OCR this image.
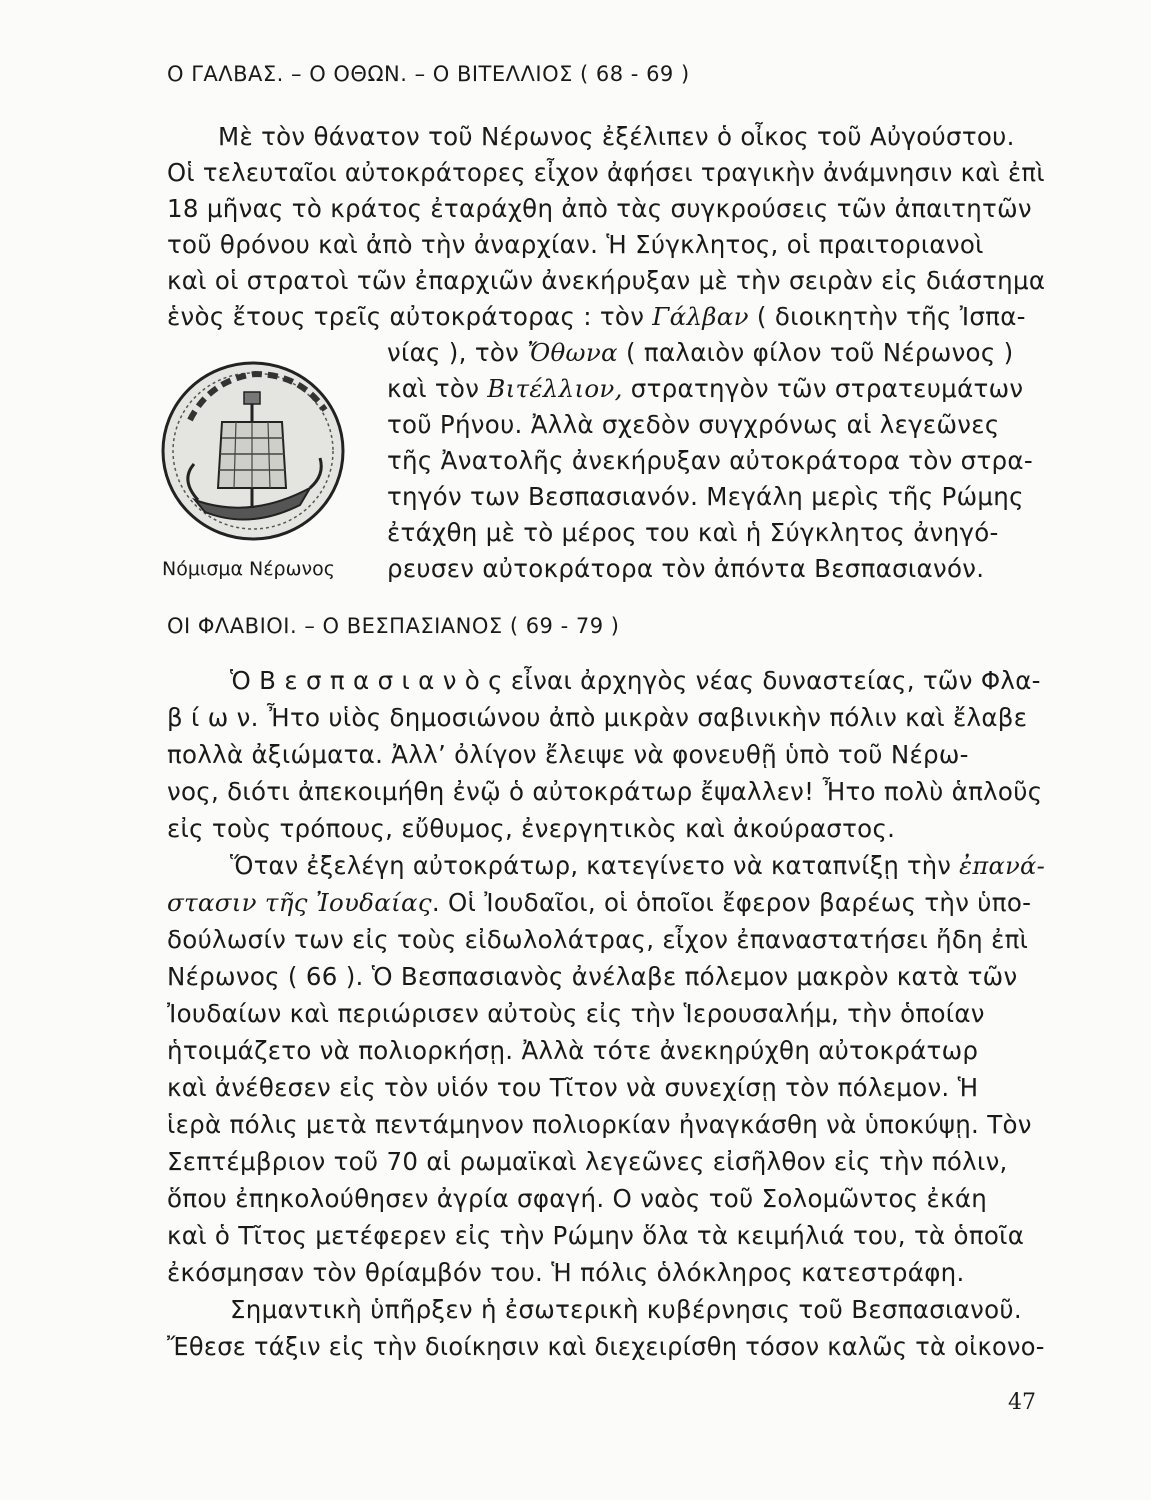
Ο ΓΑΛΒΑΣ. – Ο ΟΘΩΝ. – Ο ΒΙΤΕΛΛΙΟΣ ( 68 - 69 )
Μὲ τὸν θάνατον τοῦ Νέρωνος ἐξέλιπεν ὁ οἶκος τοῦ Αὐγούστου.
Οἱ τελευταῖοι αὐτοκράτορες εἶχον ἀφήσει τραγικὴν ἀνάμνησιν καὶ ἐπὶ
18 μῆνας τὸ κράτος ἐταράχθη ἀπὸ τὰς συγκρούσεις τῶν ἀπαιτητῶν
τοῦ θρόνου καὶ ἀπὸ τὴν ἀναρχίαν. Ἡ Σύγκλητος, οἱ πραιτοριανοὶ
καὶ οἱ στρατοὶ τῶν ἐπαρχιῶν ἀνεκήρυξαν μὲ τὴν σειρὰν εἰς διάστημα
ἑνὸς ἔτους τρεῖς αὐτοκράτορας : τὸν Γάλβαν ( διοικητὴν τῆς Ἰσπα-
νίας ), τὸν Ὄθωνα ( παλαιὸν φίλον τοῦ Νέρωνος )
καὶ τὸν Βιτέλλιον, στρατηγὸν τῶν στρατευμάτων
τοῦ Ρήνου. Ἀλλὰ σχεδὸν συγχρόνως αἱ λεγεῶνες
τῆς Ἀνατολῆς ἀνεκήρυξαν αὐτοκράτορα τὸν στρα-
τηγόν των Βεσπασιανόν. Μεγάλη μερὶς τῆς Ρώμης
ἐτάχθη μὲ τὸ μέρος του καὶ ἡ Σύγκλητος ἀνηγό-
ρευσεν αὐτοκράτορα τὸν ἀπόντα Βεσπασιανόν.
Νόμισμα Νέρωνος
ΟΙ ΦΛΑΒΙΟΙ. – Ο ΒΕΣΠΑΣΙΑΝΟΣ ( 69 - 79 )
Ὁ Β ε σ π α σ ι α ν ὸ ς εἶναι ἀρχηγὸς νέας δυναστείας, τῶν Φλα-
β ί ω ν. Ἦτο υἱὸς δημοσιώνου ἀπὸ μικρὰν σαβινικὴν πόλιν καὶ ἔλαβε
πολλὰ ἀξιώματα. Ἀλλ’ ὀλίγον ἔλειψε νὰ φονευθῇ ὑπὸ τοῦ Νέρω-
νος, διότι ἀπεκοιμήθη ἐνῷ ὁ αὐτοκράτωρ ἔψαλλεν! Ἦτο πολὺ ἁπλοῦς
εἰς τοὺς τρόπους, εὔθυμος, ἐνεργητικὸς καὶ ἀκούραστος.
Ὅταν ἐξελέγη αὐτοκράτωρ, κατεγίνετο νὰ καταπνίξῃ τὴν ἐπανά-
στασιν τῆς Ἰουδαίας. Οἱ Ἰουδαῖοι, οἱ ὁποῖοι ἔφερον βαρέως τὴν ὑπο-
δούλωσίν των εἰς τοὺς εἰδωλολάτρας, εἶχον ἐπαναστατήσει ἤδη ἐπὶ
Νέρωνος ( 66 ). Ὁ Βεσπασιανὸς ἀνέλαβε πόλεμον μακρὸν κατὰ τῶν
Ἰουδαίων καὶ περιώρισεν αὐτοὺς εἰς τὴν Ἱερουσαλήμ, τὴν ὁποίαν
ἡτοιμάζετο νὰ πολιορκήσῃ. Ἀλλὰ τότε ἀνεκηρύχθη αὐτοκράτωρ
καὶ ἀνέθεσεν εἰς τὸν υἱόν του Τῖτον νὰ συνεχίσῃ τὸν πόλεμον. Ἡ
ἱερὰ πόλις μετὰ πεντάμηνον πολιορκίαν ἠναγκάσθη νὰ ὑποκύψῃ. Τὸν
Σεπτέμβριον τοῦ 70 αἱ ρωμαϊκαὶ λεγεῶνες εἰσῆλθον εἰς τὴν πόλιν,
ὅπου ἐπηκολούθησεν ἀγρία σφαγή. Ο ναὸς τοῦ Σολομῶντος ἐκάη
καὶ ὁ Τῖτος μετέφερεν εἰς τὴν Ρώμην ὅλα τὰ κειμήλιά του, τὰ ὁποῖα
ἐκόσμησαν τὸν θρίαμβόν του. Ἡ πόλις ὁλόκληρος κατεστράφη.
Σημαντικὴ ὑπῆρξεν ἡ ἐσωτερικὴ κυβέρνησις τοῦ Βεσπασιανοῦ.
Ἔθεσε τάξιν εἰς τὴν διοίκησιν καὶ διεχειρίσθη τόσον καλῶς τὰ οἰκονο-
47
